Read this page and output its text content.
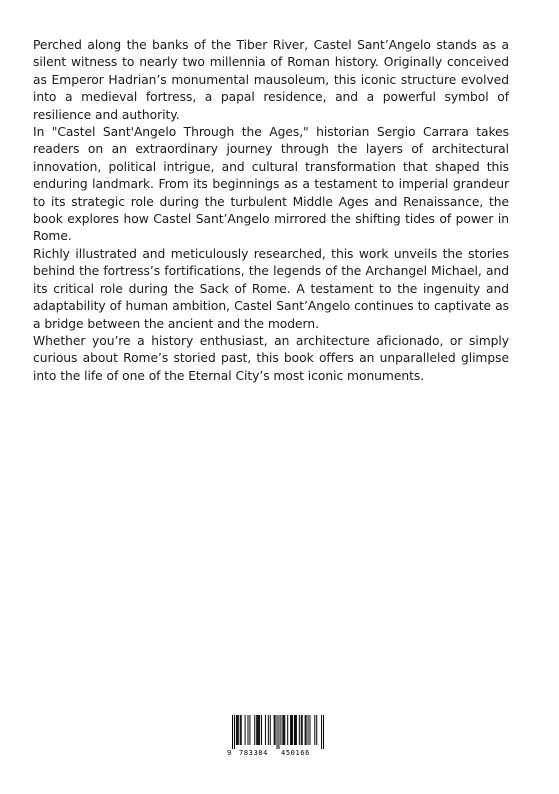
Perched along the banks of the Tiber River, Castel Sant’Angelo stands as a silent witness to nearly two millennia of Roman history. Originally conceived as Emperor Hadrian’s monumental mausoleum, this iconic structure evolved into a medieval fortress, a papal residence, and a powerful symbol of resilience and authority.

In "Castel Sant'Angelo Through the Ages," historian Sergio Carrara takes readers on an extraordinary journey through the layers of architectural innovation, political intrigue, and cultural transformation that shaped this enduring landmark. From its beginnings as a testament to imperial grandeur to its strategic role during the turbulent Middle Ages and Renaissance, the book explores how Castel Sant’Angelo mirrored the shifting tides of power in Rome.

Richly illustrated and meticulously researched, this work unveils the stories behind the fortress’s fortifications, the legends of the Archangel Michael, and its critical role during the Sack of Rome. A testament to the ingenuity and adaptability of human ambition, Castel Sant’Angelo continues to captivate as a bridge between the ancient and the modern.

Whether you’re a history enthusiast, an architecture aficionado, or simply curious about Rome’s storied past, this book offers an unparalleled glimpse into the life of one of the Eternal City’s most iconic monuments.

9 783384 450166
